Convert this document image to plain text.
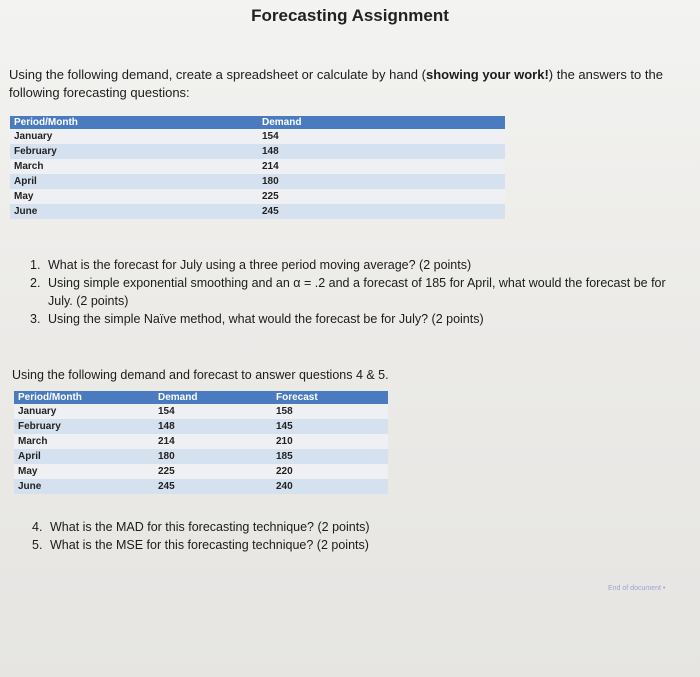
Forecasting Assignment
Using the following demand, create a spreadsheet or calculate by hand (showing your work!) the answers to the following forecasting questions:
Period/Month	Demand
January	154
February	148
March	214
April	180
May	225
June	245
1. What is the forecast for July using a three period moving average? (2 points)
2. Using simple exponential smoothing and an α = .2 and a forecast of 185 for April, what would the forecast be for
July. (2 points)
3. Using the simple Naïve method, what would the forecast be for July? (2 points)
Using the following demand and forecast to answer questions 4 & 5.
Period/Month	Demand	Forecast
January	154	158
February	148	145
March	214	210
April	180	185
May	225	220
June	245	240
4. What is the MAD for this forecasting technique? (2 points)
5. What is the MSE for this forecasting technique? (2 points)
End of document •
